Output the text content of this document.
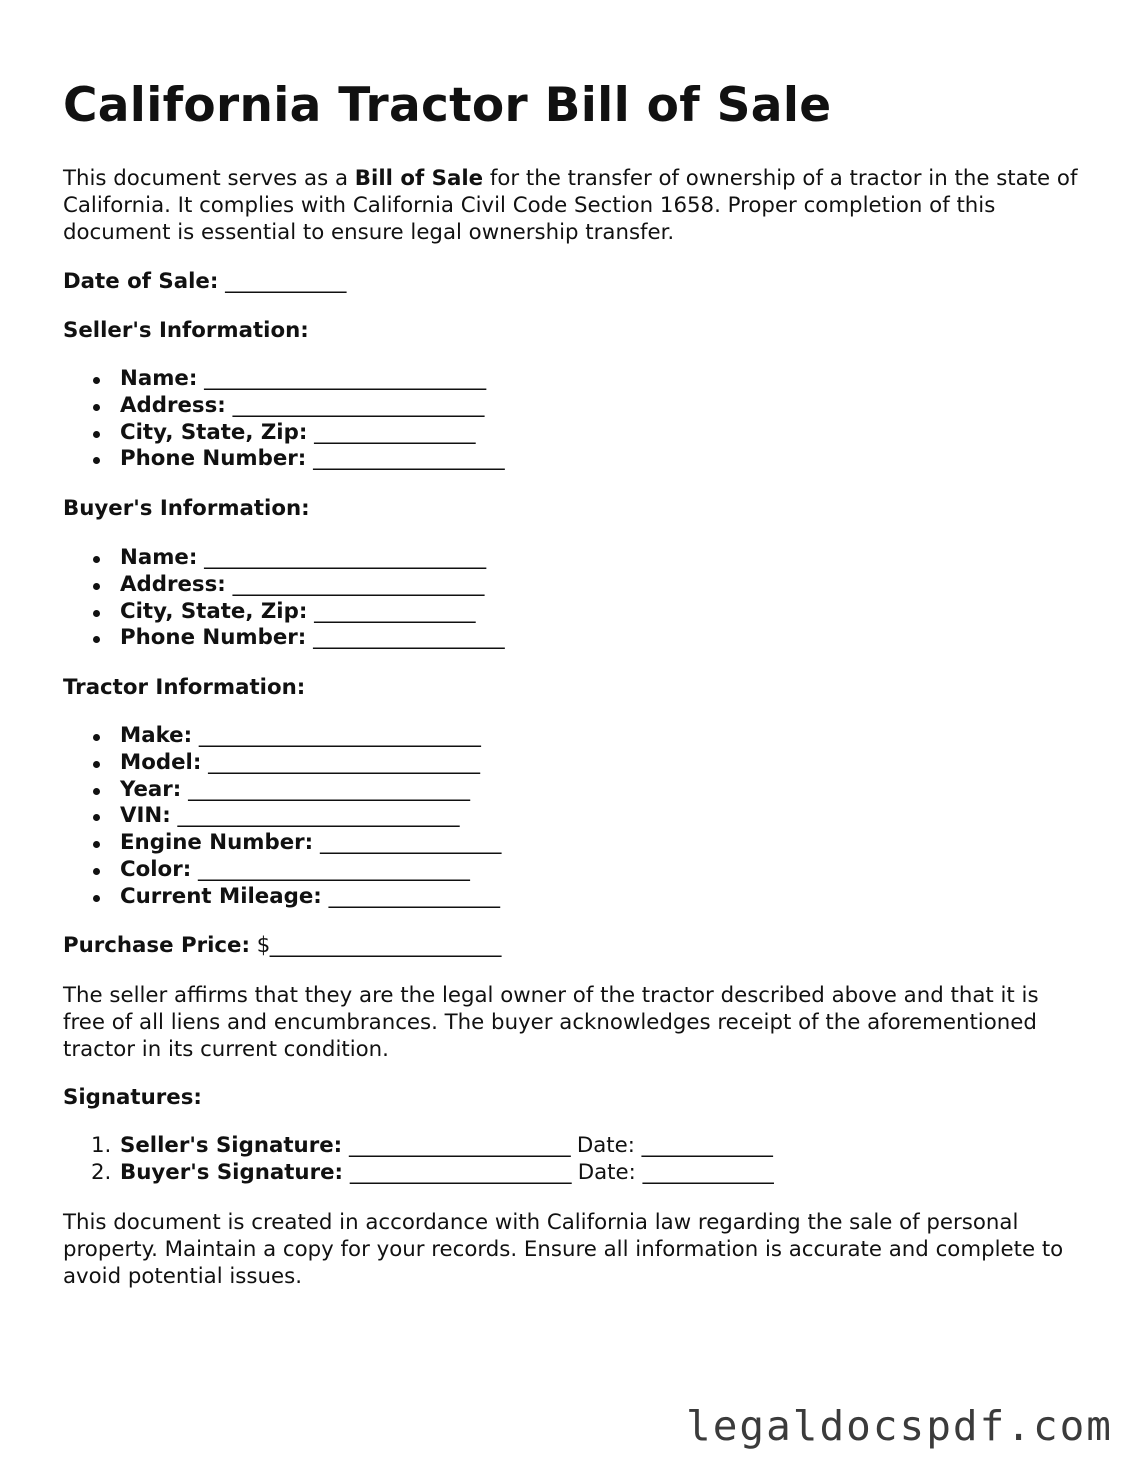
California Tractor Bill of Sale

This document serves as a Bill of Sale for the transfer of ownership of a tractor in the state of California. It complies with California Civil Code Section 1658. Proper completion of this document is essential to ensure legal ownership transfer.

Date of Sale: ____________

Seller's Information:

Name: ____________________________
Address: _________________________
City, State, Zip: ________________
Phone Number: ___________________

Buyer's Information:

Name: ____________________________
Address: _________________________
City, State, Zip: ________________
Phone Number: ___________________

Tractor Information:

Make: ____________________________
Model: ___________________________
Year: ____________________________
VIN: ____________________________
Engine Number: __________________
Color: ___________________________
Current Mileage: _________________

Purchase Price: $_______________________

The seller affirms that they are the legal owner of the tractor described above and that it is free of all liens and encumbrances. The buyer acknowledges receipt of the aforementioned tractor in its current condition.

Signatures:

1. Seller's Signature: ______________________ Date: _____________
2. Buyer's Signature: ______________________ Date: _____________

This document is created in accordance with California law regarding the sale of personal property. Maintain a copy for your records. Ensure all information is accurate and complete to avoid potential issues.

legaldocspdf.com
